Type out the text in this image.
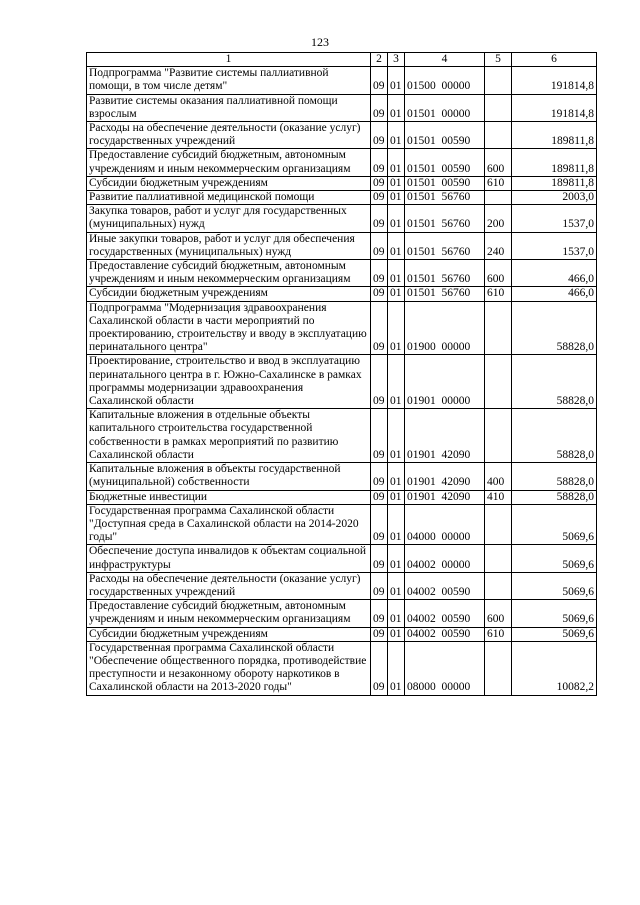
123
1	2	3	4	5	6
Подпрограмма "Развитие системы паллиативной помощи, в том числе детям"	09	01	01500  00000		191814,8
Развитие системы оказания паллиативной помощи взрослым	09	01	01501  00000		191814,8
Расходы на обеспечение деятельности (оказание услуг) государственных учреждений	09	01	01501  00590		189811,8
Предоставление субсидий бюджетным, автономным учреждениям и иным некоммерческим организациям	09	01	01501  00590	600	189811,8
Субсидии бюджетным учреждениям	09	01	01501  00590	610	189811,8
Развитие паллиативной медицинской помощи	09	01	01501  56760		2003,0
Закупка товаров, работ и услуг для государственных (муниципальных) нужд	09	01	01501  56760	200	1537,0
Иные закупки товаров, работ и услуг для обеспечения государственных (муниципальных) нужд	09	01	01501  56760	240	1537,0
Предоставление субсидий бюджетным, автономным учреждениям и иным некоммерческим организациям	09	01	01501  56760	600	466,0
Субсидии бюджетным учреждениям	09	01	01501  56760	610	466,0
Подпрограмма "Модернизация здравоохранения Сахалинской области в части мероприятий по проектированию, строительству и вводу в эксплуатацию перинатального центра"	09	01	01900  00000		58828,0
Проектирование, строительство и ввод в эксплуатацию перинатального центра в г. Южно-Сахалинске в рамках программы модернизации здравоохранения Сахалинской области	09	01	01901  00000		58828,0
Капитальные вложения в отдельные объекты капитального строительства государственной собственности в рамках мероприятий по развитию Сахалинской области	09	01	01901  42090		58828,0
Капитальные вложения в объекты государственной (муниципальной) собственности	09	01	01901  42090	400	58828,0
Бюджетные инвестиции	09	01	01901  42090	410	58828,0
Государственная программа Сахалинской области "Доступная среда в Сахалинской области на 2014-2020 годы"	09	01	04000  00000		5069,6
Обеспечение доступа инвалидов к объектам социальной инфраструктуры	09	01	04002  00000		5069,6
Расходы на обеспечение деятельности (оказание услуг) государственных учреждений	09	01	04002  00590		5069,6
Предоставление субсидий бюджетным, автономным учреждениям и иным некоммерческим организациям	09	01	04002  00590	600	5069,6
Субсидии бюджетным учреждениям	09	01	04002  00590	610	5069,6
Государственная программа Сахалинской области "Обеспечение общественного порядка, противодействие преступности и незаконному обороту наркотиков в Сахалинской области на 2013-2020 годы"	09	01	08000  00000		10082,2
